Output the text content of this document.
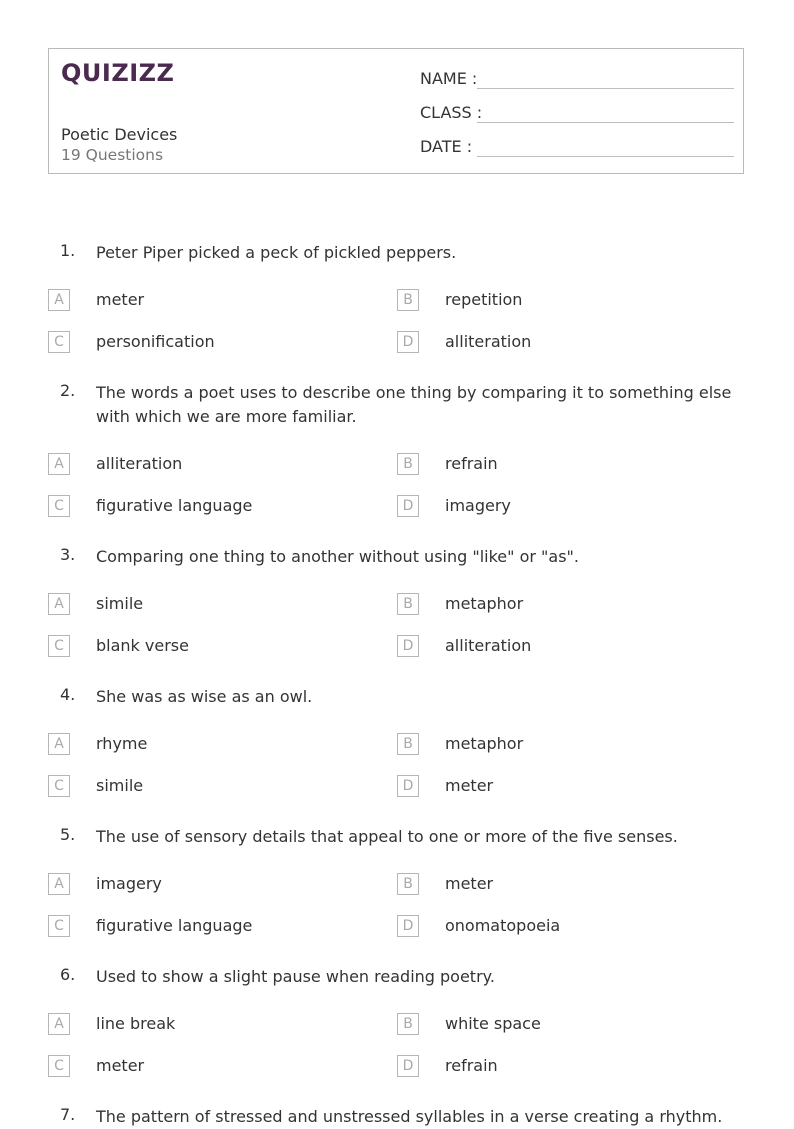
QUIZIZZ
Poetic Devices
19 Questions
NAME :
CLASS :
DATE :
1. Peter Piper picked a peck of pickled peppers.
A	meter	B	repetition
C	personification	D	alliteration
2. The words a poet uses to describe one thing by comparing it to something else with which we are more familiar.
A	alliteration	B	refrain
C	figurative language	D	imagery
3. Comparing one thing to another without using "like" or "as".
A	simile	B	metaphor
C	blank verse	D	alliteration
4. She was as wise as an owl.
A	rhyme	B	metaphor
C	simile	D	meter
5. The use of sensory details that appeal to one or more of the five senses.
A	imagery	B	meter
C	figurative language	D	onomatopoeia
6. Used to show a slight pause when reading poetry.
A	line break	B	white space
C	meter	D	refrain
7. The pattern of stressed and unstressed syllables in a verse creating a rhythm.
